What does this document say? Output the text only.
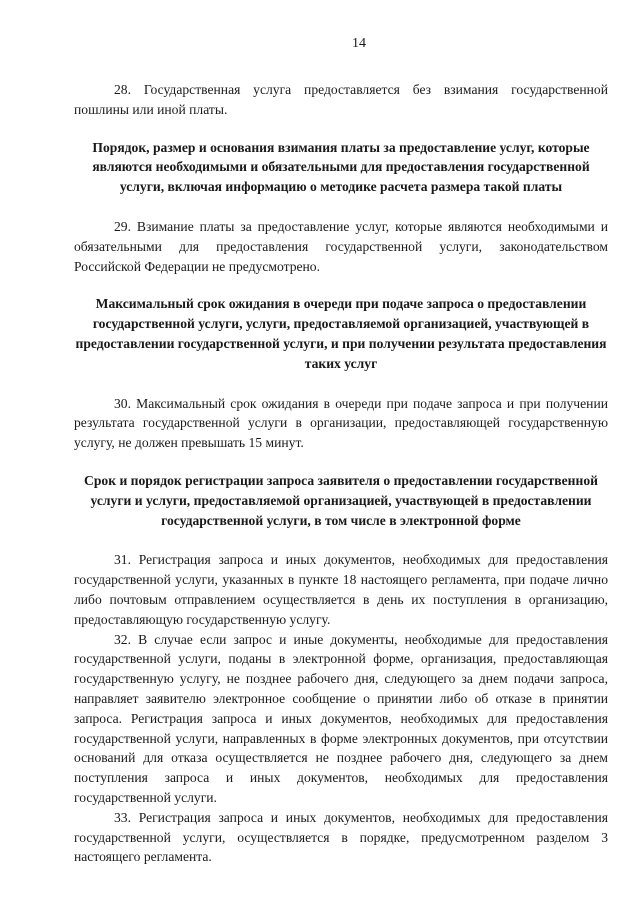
14

28. Государственная услуга предоставляется без взимания государственной пошлины или иной платы.

Порядок, размер и основания взимания платы за предоставление услуг, которые являются необходимыми и обязательными для предоставления государственной услуги, включая информацию о методике расчета размера такой платы

29. Взимание платы за предоставление услуг, которые являются необходимыми и обязательными для предоставления государственной услуги, законодательством Российской Федерации не предусмотрено.

Максимальный срок ожидания в очереди при подаче запроса о предоставлении государственной услуги, услуги, предоставляемой организацией, участвующей в предоставлении государственной услуги, и при получении результата предоставления таких услуг

30. Максимальный срок ожидания в очереди при подаче запроса и при получении результата государственной услуги в организации, предоставляющей государственную услугу, не должен превышать 15 минут.

Срок и порядок регистрации запроса заявителя о предоставлении государственной услуги и услуги, предоставляемой организацией, участвующей в предоставлении государственной услуги, в том числе в электронной форме

31. Регистрация запроса и иных документов, необходимых для предоставления государственной услуги, указанных в пункте 18 настоящего регламента, при подаче лично либо почтовым отправлением осуществляется в день их поступления в организацию, предоставляющую государственную услугу.

32. В случае если запрос и иные документы, необходимые для предоставления государственной услуги, поданы в электронной форме, организация, предоставляющая государственную услугу, не позднее рабочего дня, следующего за днем подачи запроса, направляет заявителю электронное сообщение о принятии либо об отказе в принятии запроса. Регистрация запроса и иных документов, необходимых для предоставления государственной услуги, направленных в форме электронных документов, при отсутствии оснований для отказа осуществляется не позднее рабочего дня, следующего за днем поступления запроса и иных документов, необходимых для предоставления государственной услуги.

33. Регистрация запроса и иных документов, необходимых для предоставления государственной услуги, осуществляется в порядке, предусмотренном разделом 3 настоящего регламента.
